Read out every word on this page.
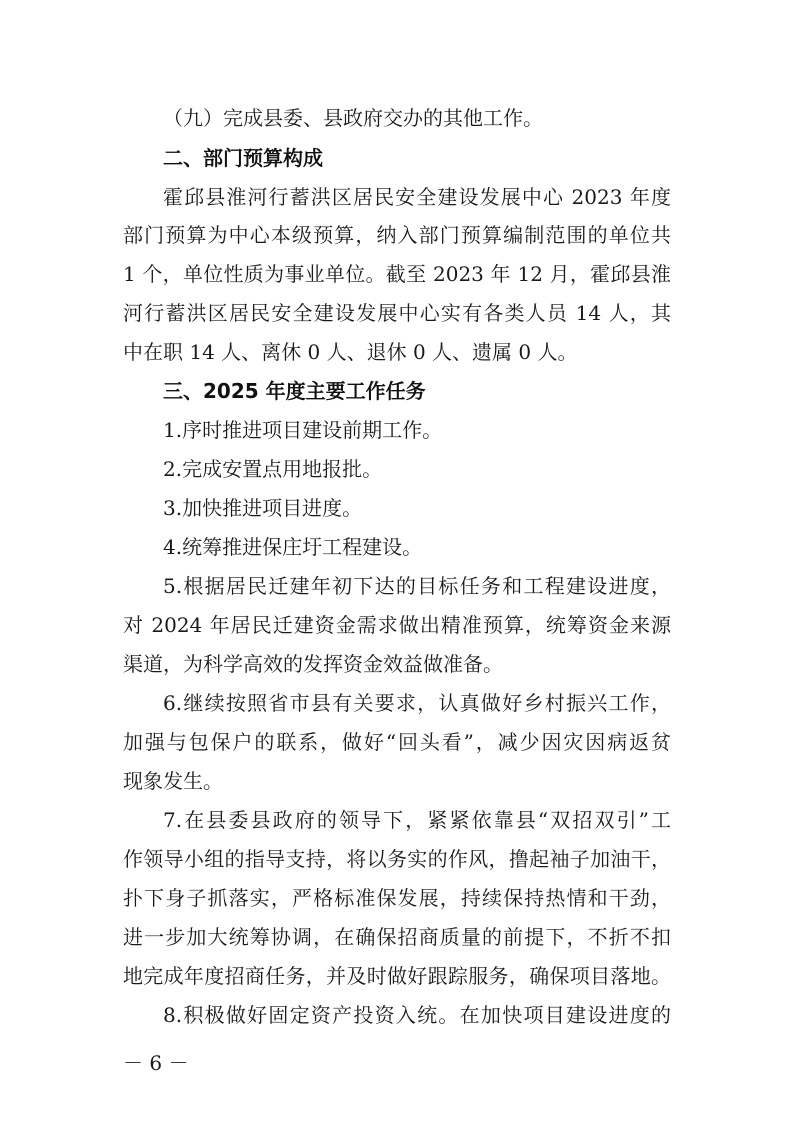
（九）完成县委、县政府交办的其他工作。
二、部门预算构成
霍邱县淮河行蓄洪区居民安全建设发展中心 2023 年度
部门预算为中心本级预算，纳入部门预算编制范围的单位共
1 个，单位性质为事业单位。截至 2023 年 12 月，霍邱县淮
河行蓄洪区居民安全建设发展中心实有各类人员 14 人，其
中在职 14 人、离休 0 人、退休 0 人、遗属 0 人。
三、2025 年度主要工作任务
1.序时推进项目建设前期工作。
2.完成安置点用地报批。
3.加快推进项目进度。
4.统筹推进保庄圩工程建设。
5.根据居民迁建年初下达的目标任务和工程建设进度，
对 2024 年居民迁建资金需求做出精准预算，统筹资金来源
渠道，为科学高效的发挥资金效益做准备。
6.继续按照省市县有关要求，认真做好乡村振兴工作，
加强与包保户的联系，做好“回头看”，减少因灾因病返贫
现象发生。
7.在县委县政府的领导下，紧紧依靠县“双招双引”工
作领导小组的指导支持，将以务实的作风，撸起袖子加油干，
扑下身子抓落实，严格标准保发展，持续保持热情和干劲，
进一步加大统筹协调，在确保招商质量的前提下，不折不扣
地完成年度招商任务，并及时做好跟踪服务，确保项目落地。
8.积极做好固定资产投资入统。在加快项目建设进度的
－ 6 －
